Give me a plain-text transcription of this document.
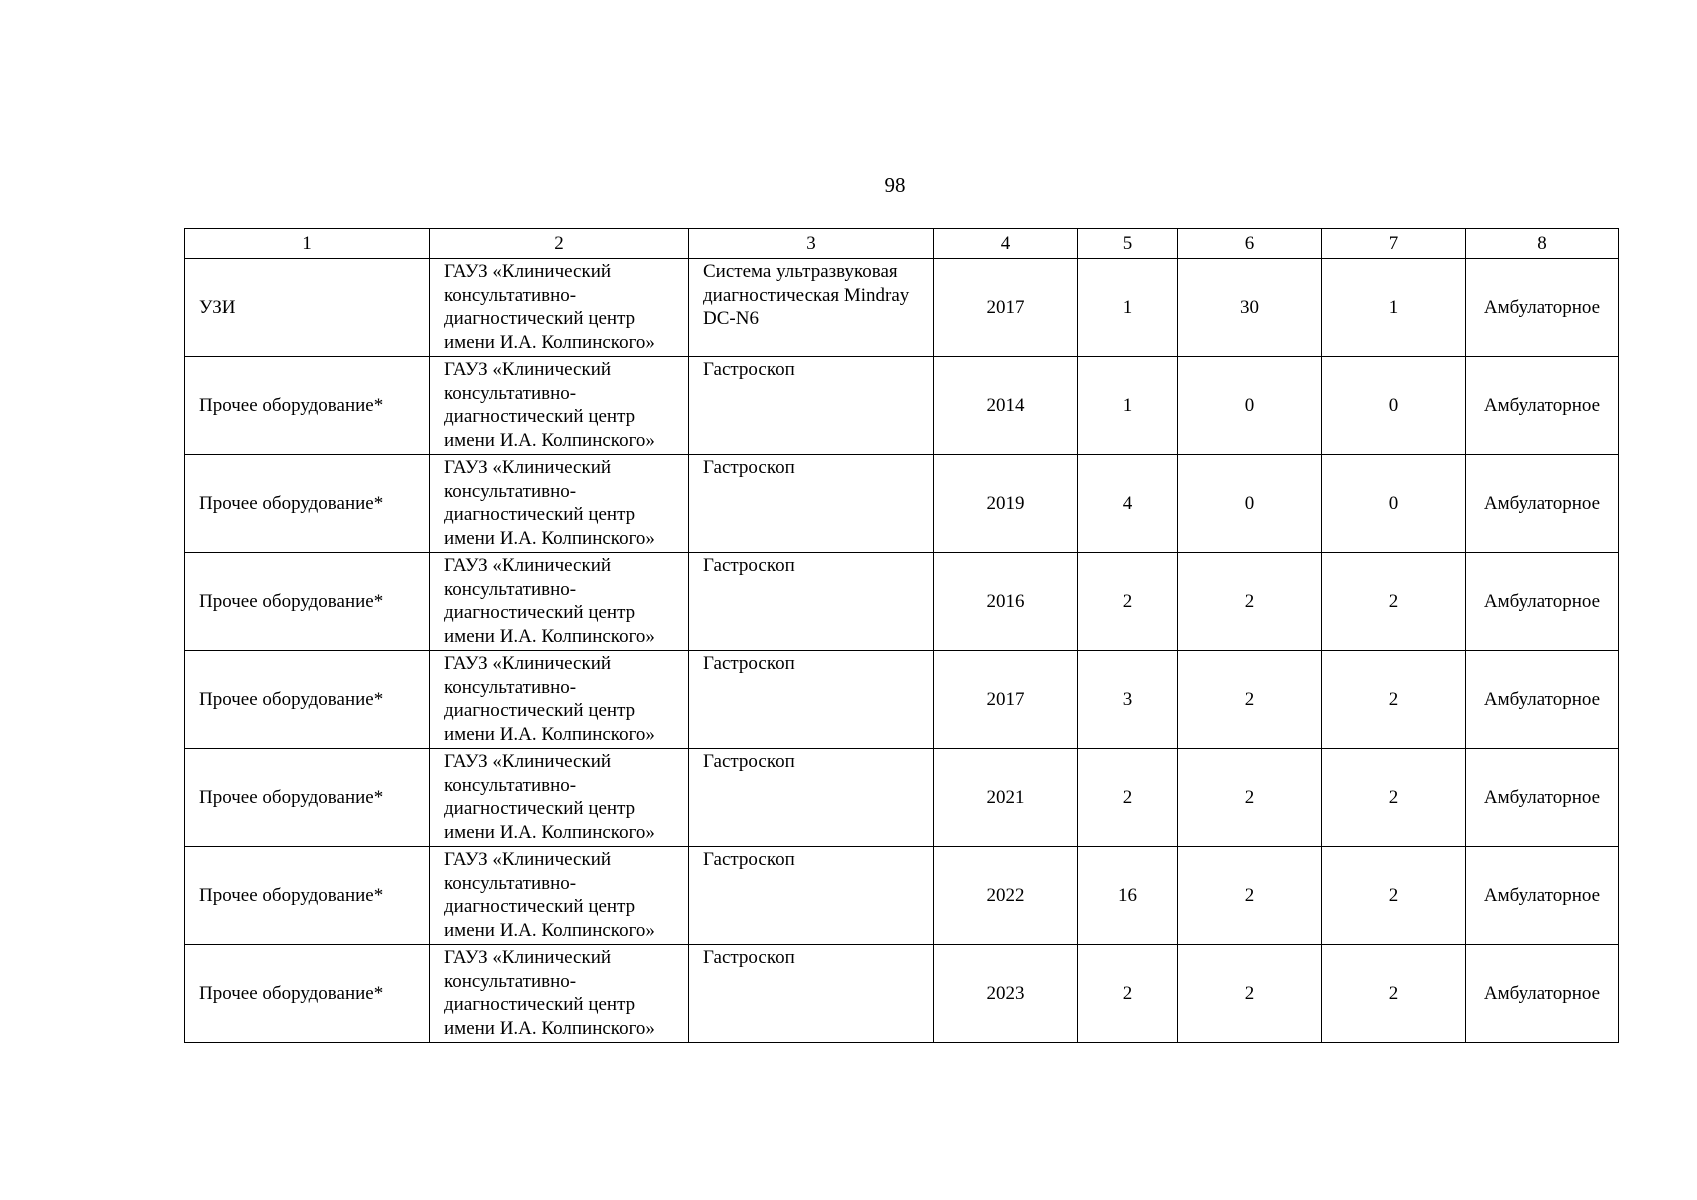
98
1	2	3	4	5	6	7	8
УЗИ	ГАУЗ «Клинический консультативно-диагностический центр имени И.А. Колпинского»	Система ультразвуковая диагностическая Mindray DC-N6	2017	1	30	1	Амбулаторное
Прочее оборудование*	ГАУЗ «Клинический консультативно-диагностический центр имени И.А. Колпинского»	Гастроскоп	2014	1	0	0	Амбулаторное
Прочее оборудование*	ГАУЗ «Клинический консультативно-диагностический центр имени И.А. Колпинского»	Гастроскоп	2019	4	0	0	Амбулаторное
Прочее оборудование*	ГАУЗ «Клинический консультативно-диагностический центр имени И.А. Колпинского»	Гастроскоп	2016	2	2	2	Амбулаторное
Прочее оборудование*	ГАУЗ «Клинический консультативно-диагностический центр имени И.А. Колпинского»	Гастроскоп	2017	3	2	2	Амбулаторное
Прочее оборудование*	ГАУЗ «Клинический консультативно-диагностический центр имени И.А. Колпинского»	Гастроскоп	2021	2	2	2	Амбулаторное
Прочее оборудование*	ГАУЗ «Клинический консультативно-диагностический центр имени И.А. Колпинского»	Гастроскоп	2022	16	2	2	Амбулаторное
Прочее оборудование*	ГАУЗ «Клинический консультативно-диагностический центр имени И.А. Колпинского»	Гастроскоп	2023	2	2	2	Амбулаторное
